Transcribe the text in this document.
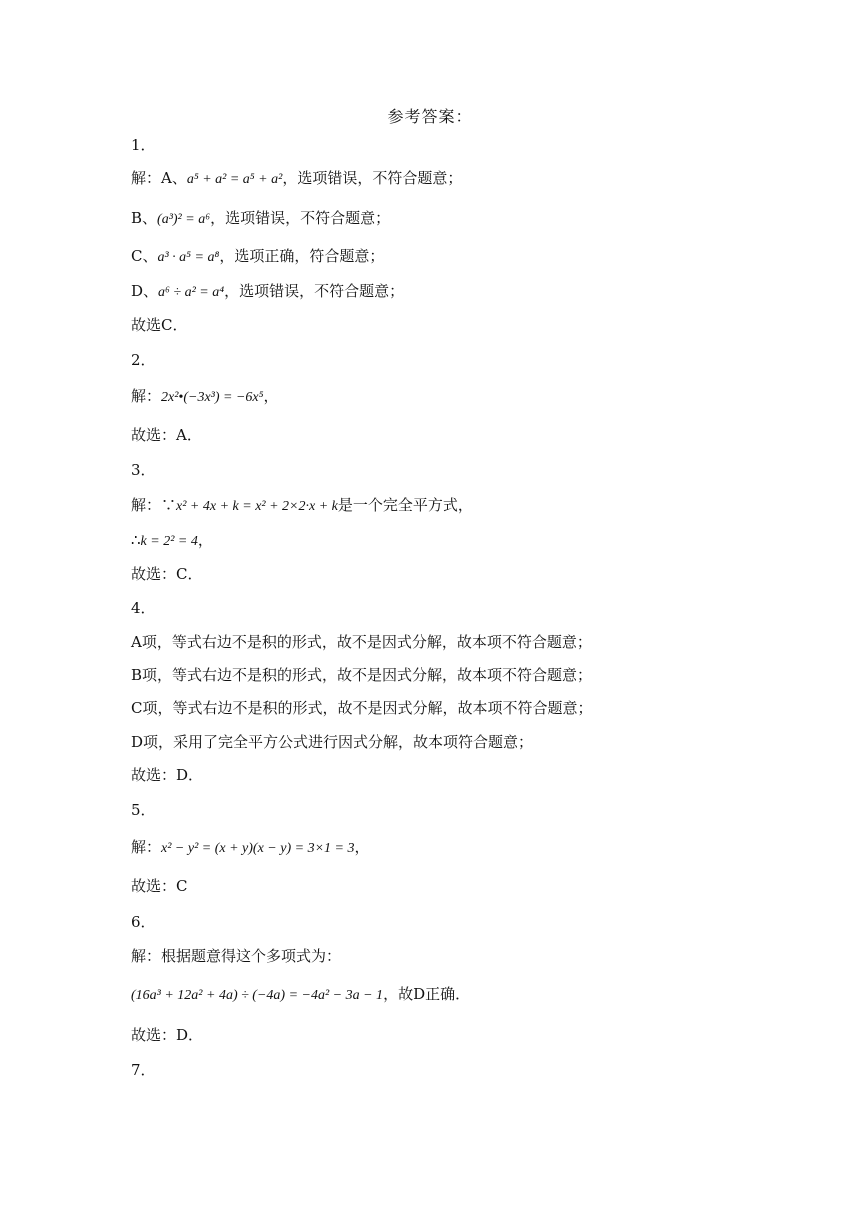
参考答案：
1．
解：A、a⁵ + a² = a⁵ + a²，选项错误，不符合题意；
B、(a³)² = a⁶，选项错误，不符合题意；
C、a³ · a⁵ = a⁸，选项正确，符合题意；
D、a⁶ ÷ a² = a⁴，选项错误，不符合题意；
故选C．
2．
解：2x²•(−3x³) = −6x⁵，
故选：A．
3．
解：∵x² + 4x + k = x² + 2×2·x + k是一个完全平方式，
∴k = 2² = 4，
故选：C．
4．
A项，等式右边不是积的形式，故不是因式分解，故本项不符合题意；
B项，等式右边不是积的形式，故不是因式分解，故本项不符合题意；
C项，等式右边不是积的形式，故不是因式分解，故本项不符合题意；
D项，采用了完全平方公式进行因式分解，故本项符合题意；
故选：D．
5．
解：x² − y² = (x + y)(x − y) = 3×1 = 3，
故选：C
6．
解：根据题意得这个多项式为：
(16a³ + 12a² + 4a) ÷ (−4a) = −4a² − 3a − 1，故D正确．
故选：D．
7．
